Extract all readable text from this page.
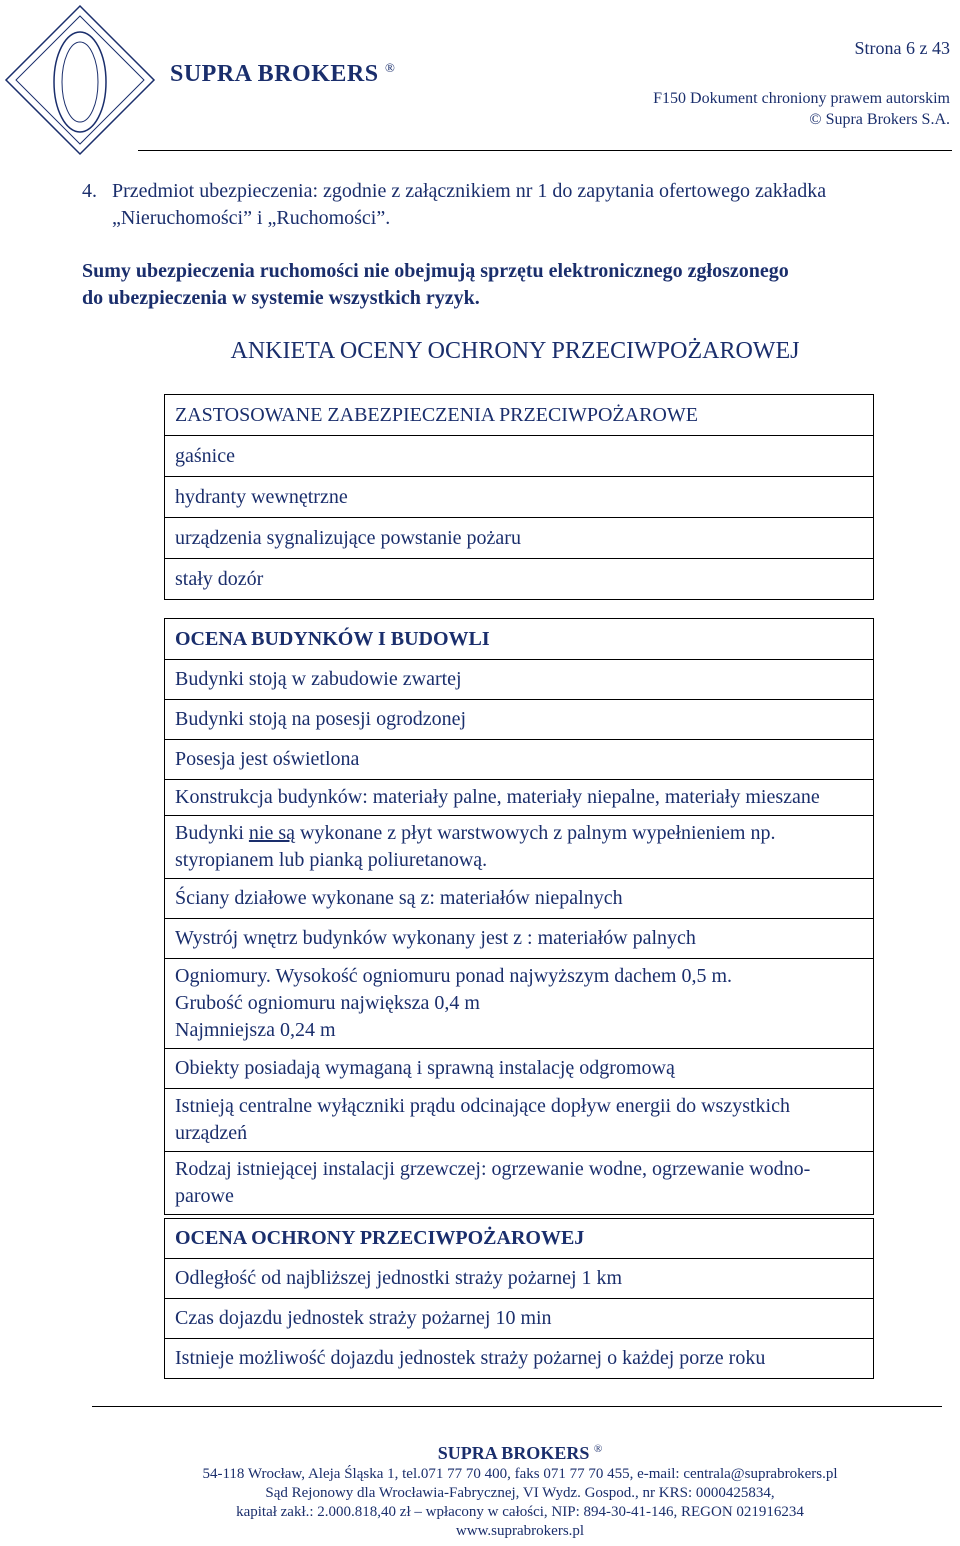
SUPRA BROKERS ®
Strona 6 z 43
F150 Dokument chroniony prawem autorskim
© Supra Brokers S.A.
4. Przedmiot ubezpieczenia: zgodnie z załącznikiem nr 1 do zapytania ofertowego zakładka
„Nieruchomości” i „Ruchomości”.
Sumy ubezpieczenia ruchomości nie obejmują sprzętu elektronicznego zgłoszonego
do ubezpieczenia w systemie wszystkich ryzyk.
ANKIETA OCENY OCHRONY PRZECIWPOŻAROWEJ
ZASTOSOWANE ZABEZPIECZENIA PRZECIWPOŻAROWE
gaśnice
hydranty wewnętrzne
urządzenia sygnalizujące powstanie pożaru
stały dozór
OCENA BUDYNKÓW I BUDOWLI
Budynki stoją w zabudowie zwartej
Budynki stoją na posesji ogrodzonej
Posesja jest oświetlona
Konstrukcja budynków: materiały palne, materiały niepalne, materiały mieszane
Budynki nie są wykonane z płyt warstwowych z palnym wypełnieniem np. styropianem lub pianką poliuretanową.
Ściany działowe wykonane są z: materiałów niepalnych
Wystrój wnętrz budynków wykonany jest z : materiałów palnych

Ogniomury. Wysokość ogniomuru ponad najwyższym dachem 0,5 m.
Grubość ogniomuru największa 0,4 m
Najmniejsza 0,24 m

Obiekty posiadają wymaganą i sprawną instalację odgromową
Istnieją centralne wyłączniki prądu odcinające dopływ energii do wszystkich urządzeń
Rodzaj istniejącej instalacji grzewczej: ogrzewanie wodne, ogrzewanie wodno-parowe
OCENA OCHRONY PRZECIWPOŻAROWEJ
Odległość od najbliższej jednostki straży pożarnej 1 km
Czas dojazdu jednostek straży pożarnej 10 min
Istnieje możliwość dojazdu jednostek straży pożarnej o każdej porze roku
SUPRA BROKERS ®
54-118 Wrocław, Aleja Śląska 1, tel.071 77 70 400, faks 071 77 70 455, e-mail: centrala@suprabrokers.pl
Sąd Rejonowy dla Wrocławia-Fabrycznej, VI Wydz. Gospod., nr KRS: 0000425834,
kapitał zakł.: 2.000.818,40 zł – wpłacony w całości, NIP: 894-30-41-146, REGON 021916234
www.suprabrokers.pl
